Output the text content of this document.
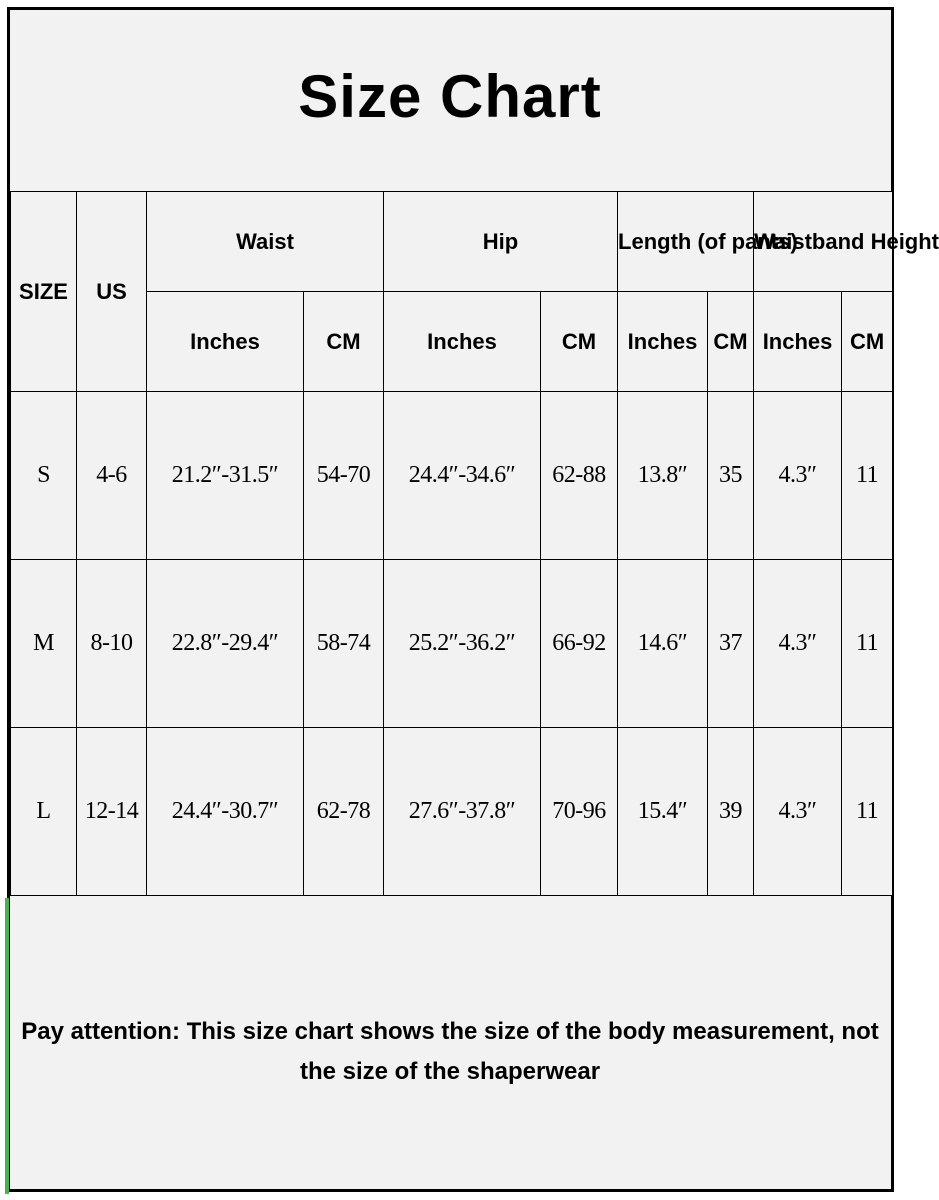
Size Chart
SIZE	US	Waist		Hip		Length (of pants)		Waistband Height	
		Inches	CM	Inches	CM	Inches	CM	Inches	CM
S	4-6	21.2″-31.5″	54-70	24.4″-34.6″	62-88	13.8″	35	4.3″	11
M	8-10	22.8″-29.4″	58-74	25.2″-36.2″	66-92	14.6″	37	4.3″	11
L	12-14	24.4″-30.7″	62-78	27.6″-37.8″	70-96	15.4″	39	4.3″	11
Pay attention: This size chart shows the size of the body measurement, not the size of the shaperwear
